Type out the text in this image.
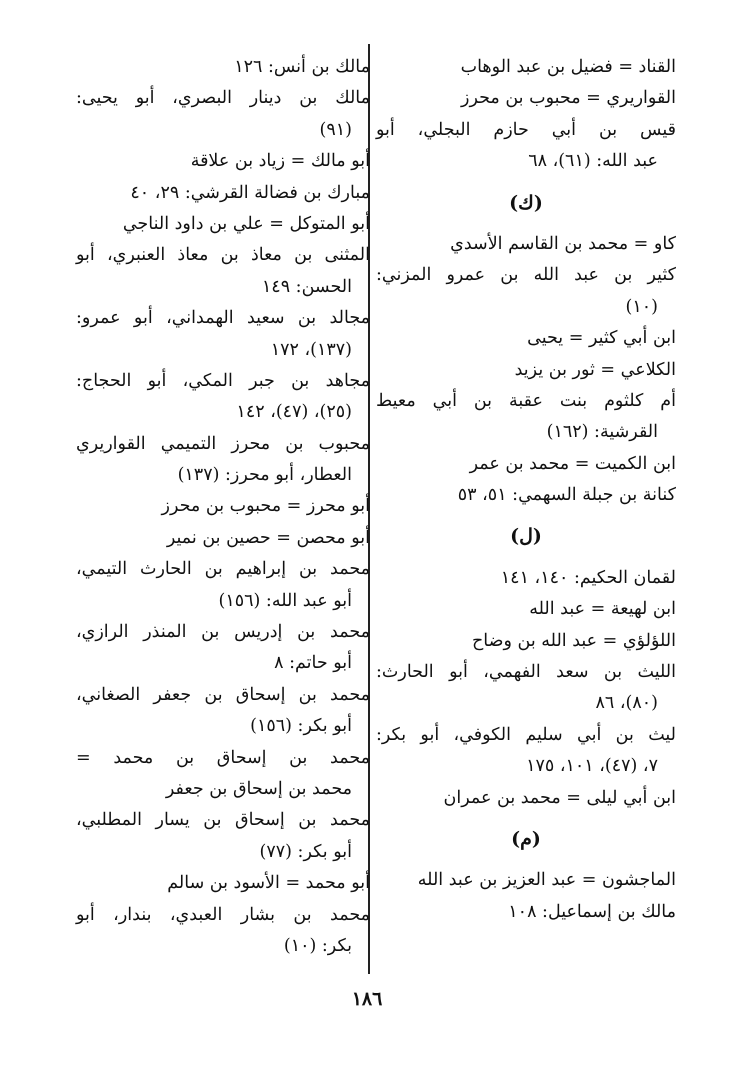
القناد = فضيل بن عبد الوهاب
القواريري = محبوب بن محرز
قيس بن أبي حازم البجلي، أبو
عبد الله: (٦١)، ٦٨
(ك)
كاو = محمد بن القاسم الأسدي
كثير بن عبد الله بن عمرو المزني:
(١٠)
ابن أبي كثير = يحيى
الكلاعي = ثور بن يزيد
أم كلثوم بنت عقبة بن أبي معيط
القرشية: (١٦٢)
ابن الكميت = محمد بن عمر
كنانة بن جبلة السهمي: ٥١، ٥٣
(ل)
لقمان الحكيم: ١٤٠، ١٤١
ابن لهيعة = عبد الله
اللؤلؤي = عبد الله بن وضاح
الليث بن سعد الفهمي، أبو الحارث:
(٨٠)، ٨٦
ليث بن أبي سليم الكوفي، أبو بكر:
٧، (٤٧)، ١٠١، ١٧٥
ابن أبي ليلى = محمد بن عمران
(م)
الماجشون = عبد العزيز بن عبد الله
مالك بن إسماعيل: ١٠٨
مالك بن أنس: ١٢٦
مالك بن دينار البصري، أبو يحيى:
(٩١)
أبو مالك = زياد بن علاقة
مبارك بن فضالة القرشي: ٢٩، ٤٠
أبو المتوكل = علي بن داود الناجي
المثنى بن معاذ بن معاذ العنبري، أبو
الحسن: ١٤٩
مجالد بن سعيد الهمداني، أبو عمرو:
(١٣٧)، ١٧٢
مجاهد بن جبر المكي، أبو الحجاج:
(٢٥)، (٤٧)، ١٤٢
محبوب بن محرز التميمي القواريري
العطار، أبو محرز: (١٣٧)
أبو محرز = محبوب بن محرز
أبو محصن = حصين بن نمير
محمد بن إبراهيم بن الحارث التيمي،
أبو عبد الله: (١٥٦)
محمد بن إدريس بن المنذر الرازي،
أبو حاتم: ٨
محمد بن إسحاق بن جعفر الصغاني،
أبو بكر: (١٥٦)
محمد بن إسحاق بن محمد =
محمد بن إسحاق بن جعفر
محمد بن إسحاق بن يسار المطلبي،
أبو بكر: (٧٧)
أبو محمد = الأسود بن سالم
محمد بن بشار العبدي، بندار، أبو
بكر: (١٠)
١٨٦
